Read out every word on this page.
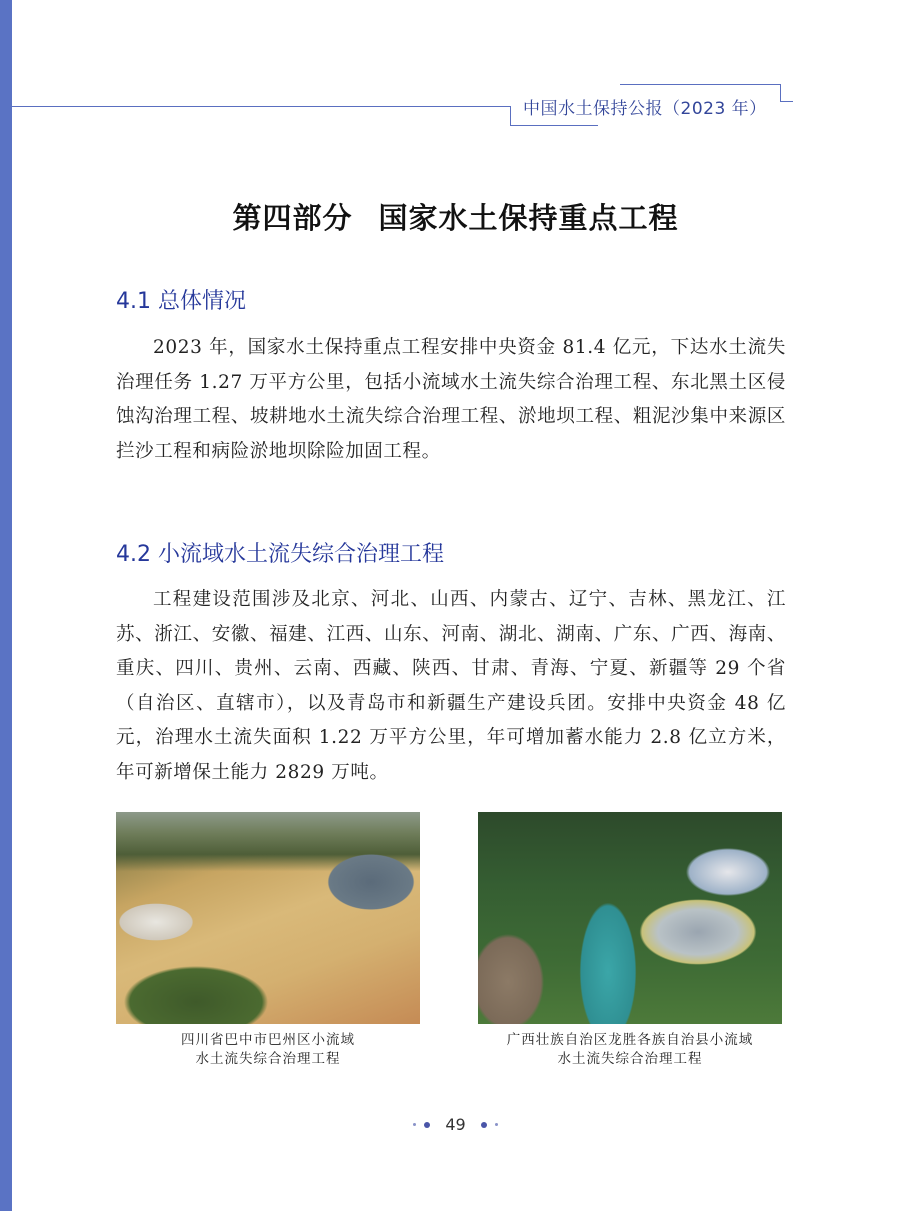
中国水土保持公报（2023 年）
第四部分 国家水土保持重点工程
4.1 总体情况

2023 年，国家水土保持重点工程安排中央资金 81.4 亿元，下达水土流失治理任务 1.27 万平方公里，包括小流域水土流失综合治理工程、东北黑土区侵蚀沟治理工程、坡耕地水土流失综合治理工程、淤地坝工程、粗泥沙集中来源区拦沙工程和病险淤地坝除险加固工程。

4.2 小流域水土流失综合治理工程

工程建设范围涉及北京、河北、山西、内蒙古、辽宁、吉林、黑龙江、江苏、浙江、安徽、福建、江西、山东、河南、湖北、湖南、广东、广西、海南、重庆、四川、贵州、云南、西藏、陕西、甘肃、青海、宁夏、新疆等 29 个省（自治区、直辖市），以及青岛市和新疆生产建设兵团。安排中央资金 48 亿元，治理水土流失面积 1.22 万平方公里，年可增加蓄水能力 2.8 亿立方米，年可新增保土能力 2829 万吨。

四川省巴中市巴州区小流域
水土流失综合治理工程
广西壮族自治区龙胜各族自治县小流域
水土流失综合治理工程
49
